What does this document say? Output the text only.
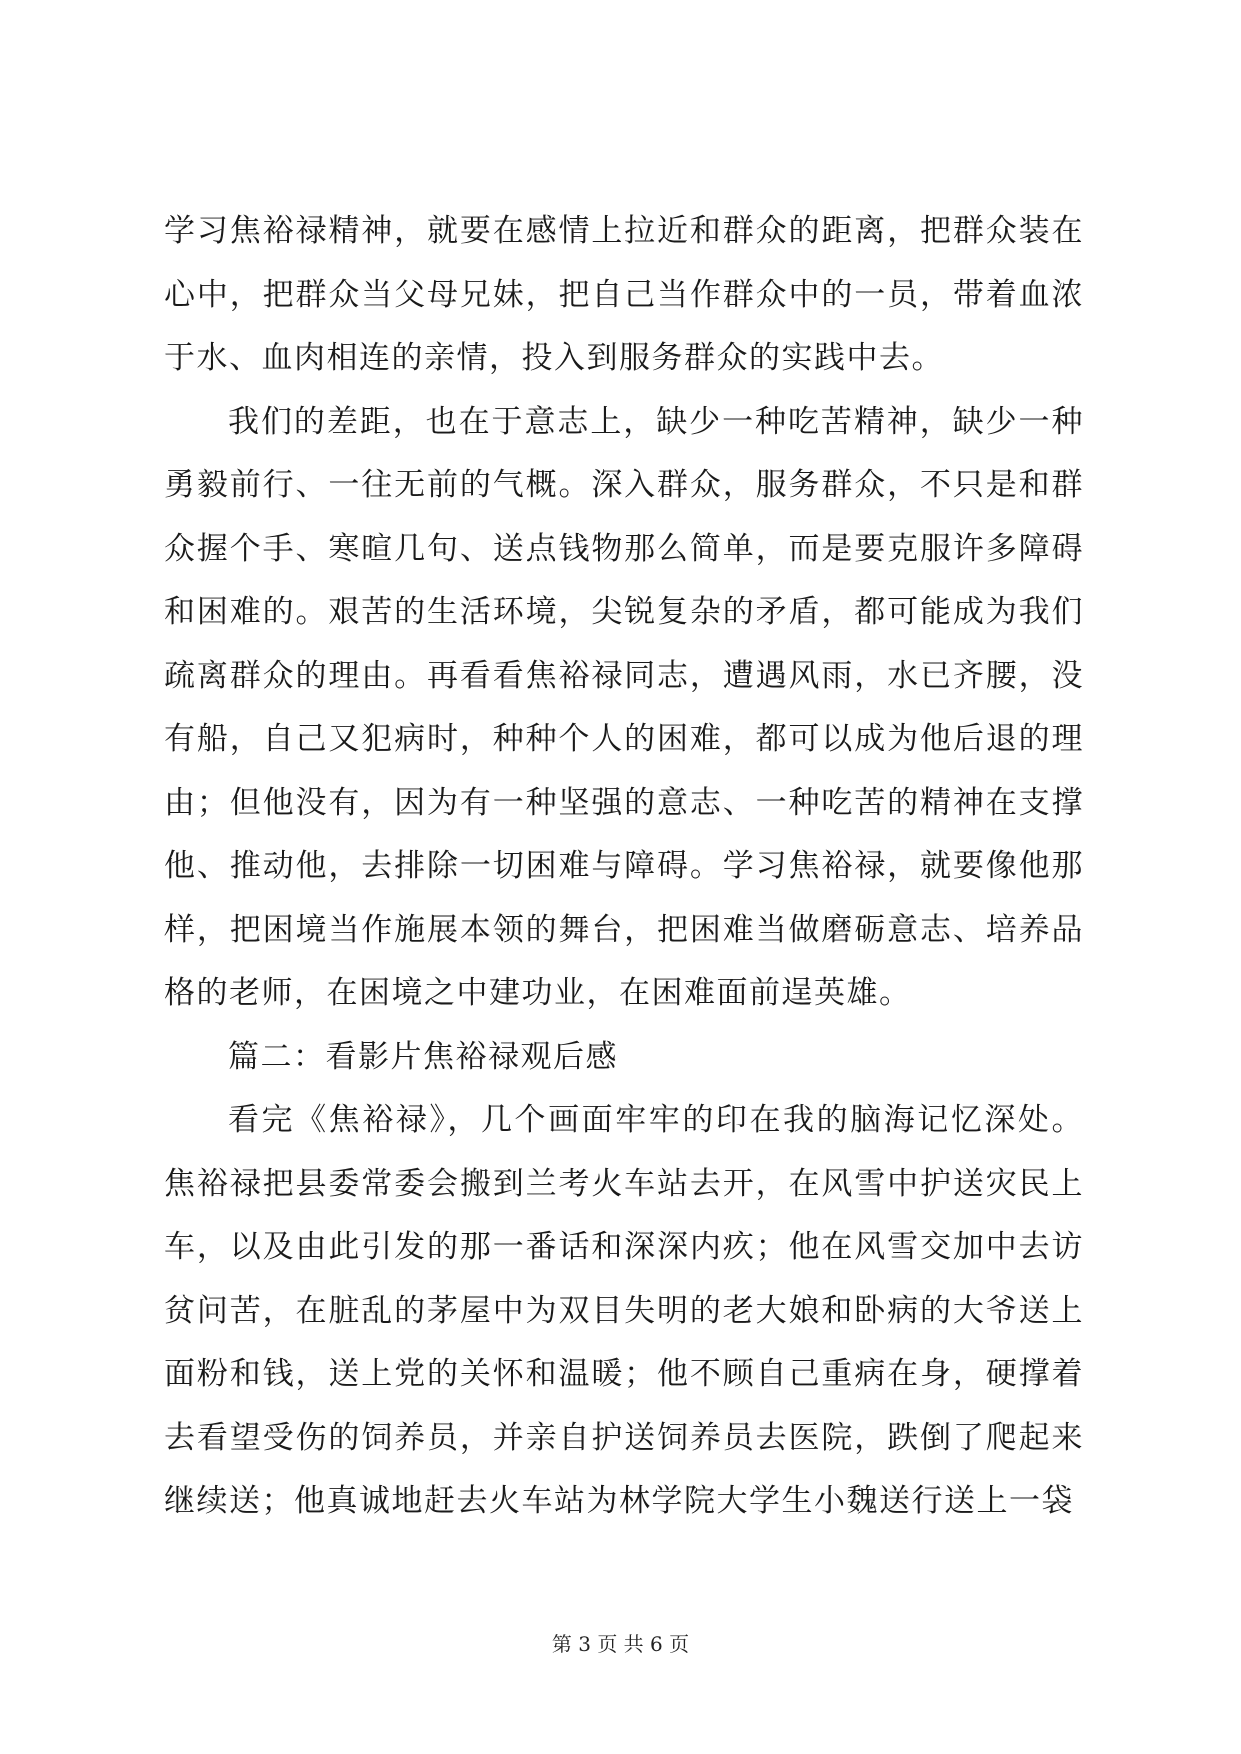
学习焦裕禄精神，就要在感情上拉近和群众的距离，把群众装在心中，把群众当父母兄妹，把自己当作群众中的一员，带着血浓于水、血肉相连的亲情，投入到服务群众的实践中去。

我们的差距，也在于意志上，缺少一种吃苦精神，缺少一种勇毅前行、一往无前的气概。深入群众，服务群众，不只是和群众握个手、寒暄几句、送点钱物那么简单，而是要克服许多障碍和困难的。艰苦的生活环境，尖锐复杂的矛盾，都可能成为我们疏离群众的理由。再看看焦裕禄同志，遭遇风雨，水已齐腰，没有船，自己又犯病时，种种个人的困难，都可以成为他后退的理由；但他没有，因为有一种坚强的意志、一种吃苦的精神在支撑他、推动他，去排除一切困难与障碍。学习焦裕禄，就要像他那样，把困境当作施展本领的舞台，把困难当做磨砺意志、培养品格的老师，在困境之中建功业，在困难面前逞英雄。

篇二：看影片焦裕禄观后感

看完《焦裕禄》，几个画面牢牢的印在我的脑海记忆深处。焦裕禄把县委常委会搬到兰考火车站去开，在风雪中护送灾民上车，以及由此引发的那一番话和深深内疚；他在风雪交加中去访贫问苦，在脏乱的茅屋中为双目失明的老大娘和卧病的大爷送上面粉和钱，送上党的关怀和温暖；他不顾自己重病在身，硬撑着去看望受伤的饲养员，并亲自护送饲养员去医院，跌倒了爬起来继续送；他真诚地赶去火车站为林学院大学生小魏送行送上一袋

第 3 页 共 6 页
